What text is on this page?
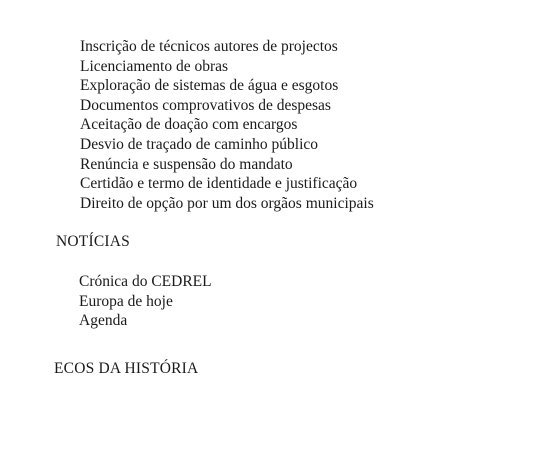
Inscrição de técnicos autores de projectos
Licenciamento de obras
Exploração de sistemas de água e esgotos
Documentos comprovativos de despesas
Aceitação de doação com encargos
Desvio de traçado de caminho público
Renúncia e suspensão do mandato
Certidão e termo de identidade e justificação
Direito de opção por um dos orgãos municipais
NOTÍCIAS
Crónica do CEDREL
Europa de hoje
Agenda
ECOS DA HISTÓRIA
